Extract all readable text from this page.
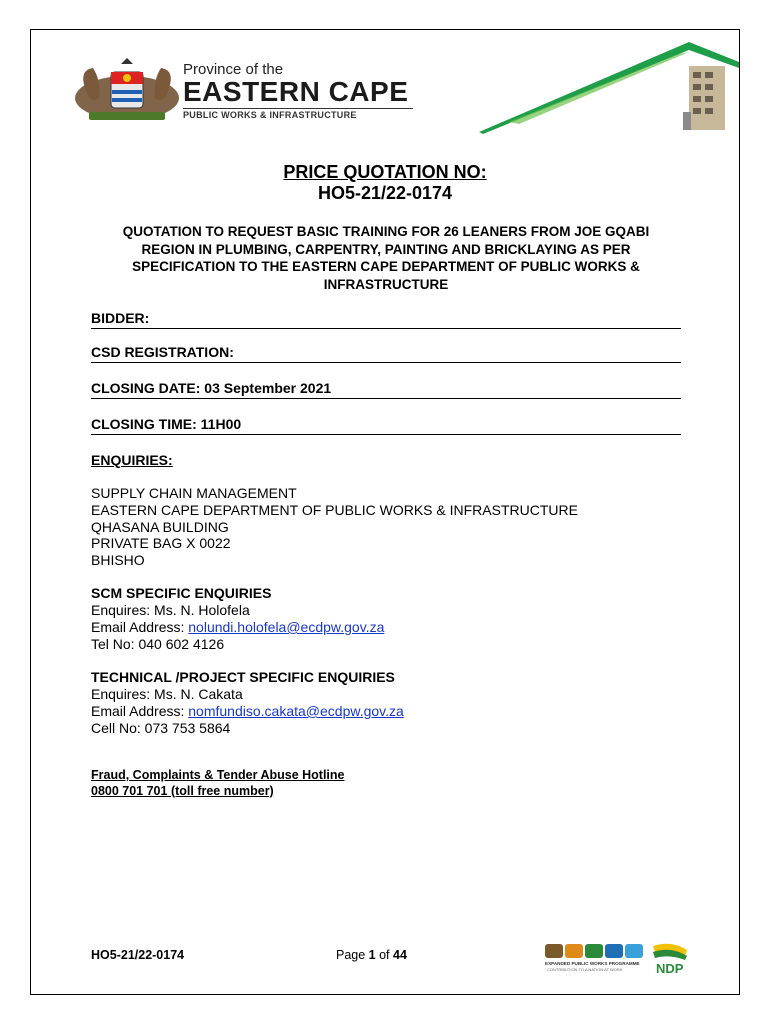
Province of the
EASTERN CAPE
PUBLIC WORKS & INFRASTRUCTURE
PRICE QUOTATION NO:
HO5-21/22-0174
QUOTATION TO REQUEST BASIC TRAINING FOR 26 LEANERS FROM JOE GQABI REGION IN PLUMBING, CARPENTRY, PAINTING AND BRICKLAYING AS PER SPECIFICATION TO THE EASTERN CAPE DEPARTMENT OF PUBLIC WORKS & INFRASTRUCTURE
BIDDER:
CSD REGISTRATION:
CLOSING DATE: 03 September 2021
CLOSING TIME: 11H00
ENQUIRIES:
SUPPLY CHAIN MANAGEMENT
EASTERN CAPE DEPARTMENT OF PUBLIC WORKS & INFRASTRUCTURE
QHASANA BUILDING
PRIVATE BAG X 0022
BHISHO
SCM SPECIFIC ENQUIRIES
Enquires: Ms. N. Holofela
Email Address: nolundi.holofela@ecdpw.gov.za
Tel No: 040 602 4126
TECHNICAL /PROJECT SPECIFIC ENQUIRIES
Enquires: Ms. N. Cakata
Email Address: nomfundiso.cakata@ecdpw.gov.za
Cell No: 073 753 5864
Fraud, Complaints & Tender Abuse Hotline
0800 701 701 (toll free number)
HO5-21/22-0174	Page 1 of 44
EXPANDED PUBLIC WORKS PROGRAMME
CONTRIBUTION TO A NATION AT WORK	NDP
